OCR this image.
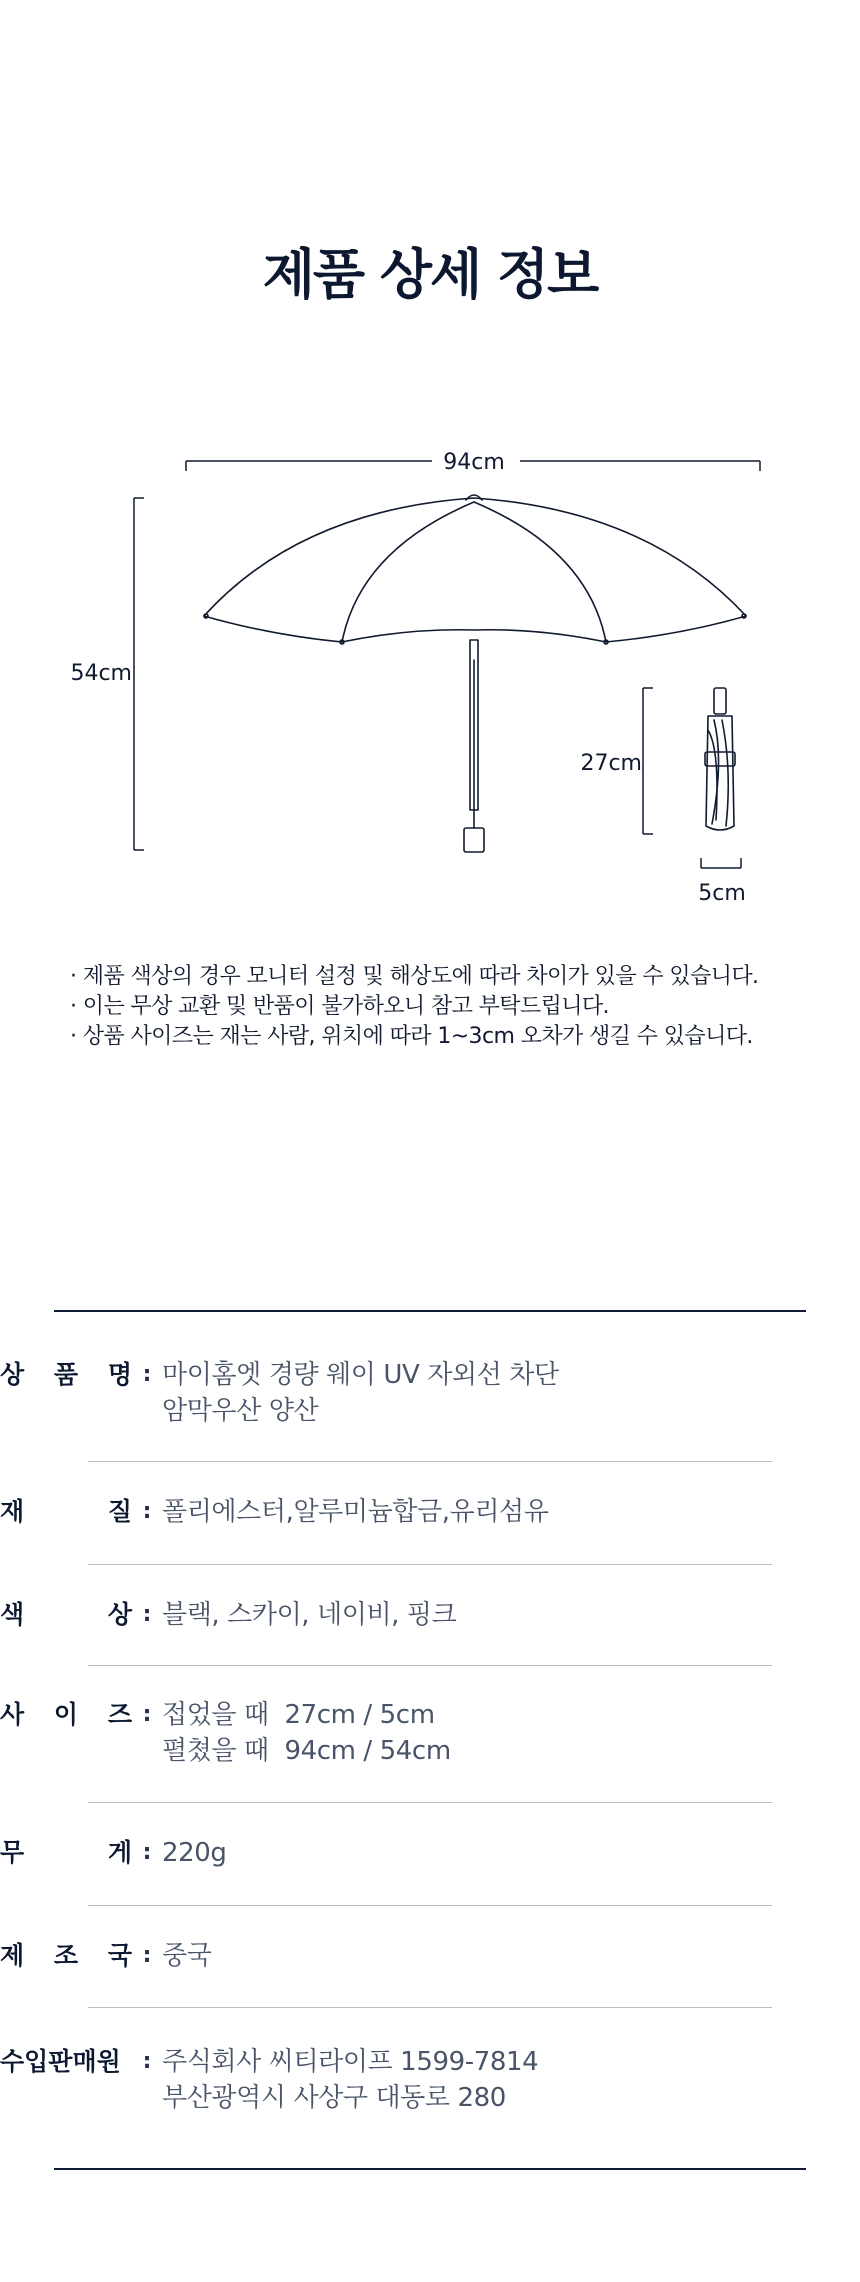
제품 상세 정보
94cm
54cm
27cm
5cm
· 제품 색상의 경우 모니터 설정 및 해상도에 따라 차이가 있을 수 있습니다.
· 이는 무상 교환 및 반품이 불가하오니 참고 부탁드립니다.
· 상품 사이즈는 재는 사람, 위치에 따라 1~3cm 오차가 생길 수 있습니다.
상 품 명 : 마이홈엣 경량 웨이 UV 자외선 차단
암막우산 양산
재	질 : 폴리에스터,알루미늄합금,유리섬유
색	상 : 블랙, 스카이, 네이비, 핑크
사 이 즈 : 접었을 때  27cm / 5cm
펼쳤을 때  94cm / 54cm
무	게 : 220g
제 조 국 : 중국
수입판매원 : 주식회사 씨티라이프 1599-7814
부산광역시 사상구 대동로 280
